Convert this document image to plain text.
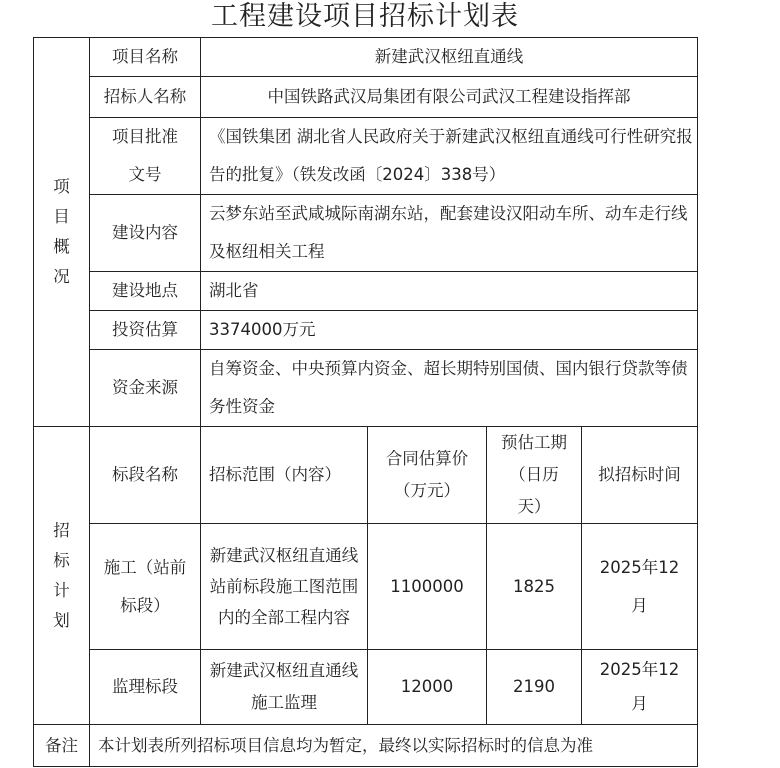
工程建设项目招标计划表
项目概况	项目名称	新建武汉枢纽直通线			
	招标人名称	中国铁路武汉局集团有限公司武汉工程建设指挥部			
	项目批准文号	《国铁集团 湖北省人民政府关于新建武汉枢纽直通线可行性研究报告的批复》（铁发改函〔2024〕338号）			
	建设内容	云梦东站至武咸城际南湖东站，配套建设汉阳动车所、动车走行线及枢纽相关工程			
	建设地点	湖北省			
	投资估算	3374000万元			
	资金来源	自筹资金、中央预算内资金、超长期特别国债、国内银行贷款等债务性资金			
招标计划	标段名称	招标范围（内容）	合同估算价（万元）	预估工期（日历天）	拟招标时间
	施工（站前标段）	新建武汉枢纽直通线站前标段施工图范围内的全部工程内容	1100000	1825	2025年12月
	监理标段	新建武汉枢纽直通线施工监理	12000	2190	2025年12月
备注	本计划表所列招标项目信息均为暂定，最终以实际招标时的信息为准				
